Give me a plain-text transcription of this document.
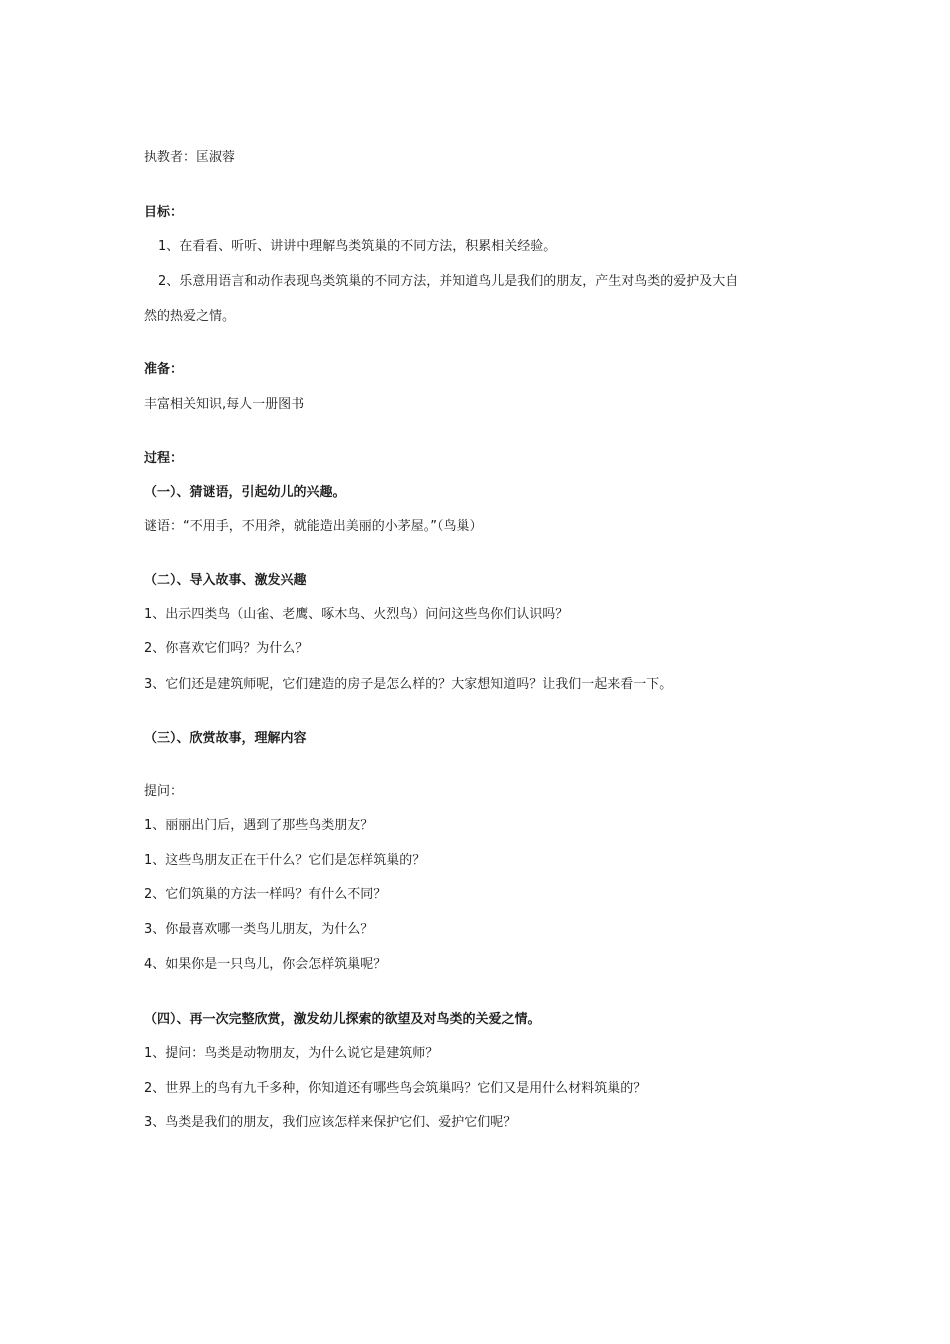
执教者：匡淑蓉
目标：
1、在看看、听听、讲讲中理解鸟类筑巢的不同方法，积累相关经验。
2、乐意用语言和动作表现鸟类筑巢的不同方法，并知道鸟儿是我们的朋友，产生对鸟类的爱护及大自
然的热爱之情。
准备：
丰富相关知识,每人一册图书
过程：
（一）、猜谜语，引起幼儿的兴趣。
谜语：“不用手，不用斧，就能造出美丽的小茅屋。”（鸟巢）
（二）、导入故事、激发兴趣
1、出示四类鸟（山雀、老鹰、啄木鸟、火烈鸟）问问这些鸟你们认识吗？
2、你喜欢它们吗？为什么？
3、它们还是建筑师呢，它们建造的房子是怎么样的？大家想知道吗？让我们一起来看一下。
（三）、欣赏故事，理解内容
提问：
1、丽丽出门后，遇到了那些鸟类朋友？
1、这些鸟朋友正在干什么？它们是怎样筑巢的？
2、它们筑巢的方法一样吗？有什么不同？
3、你最喜欢哪一类鸟儿朋友，为什么？
4、如果你是一只鸟儿，你会怎样筑巢呢？
（四）、再一次完整欣赏，激发幼儿探索的欲望及对鸟类的关爱之情。
1、提问：鸟类是动物朋友，为什么说它是建筑师？
2、世界上的鸟有九千多种，你知道还有哪些鸟会筑巢吗？它们又是用什么材料筑巢的？
3、鸟类是我们的朋友，我们应该怎样来保护它们、爱护它们呢？
